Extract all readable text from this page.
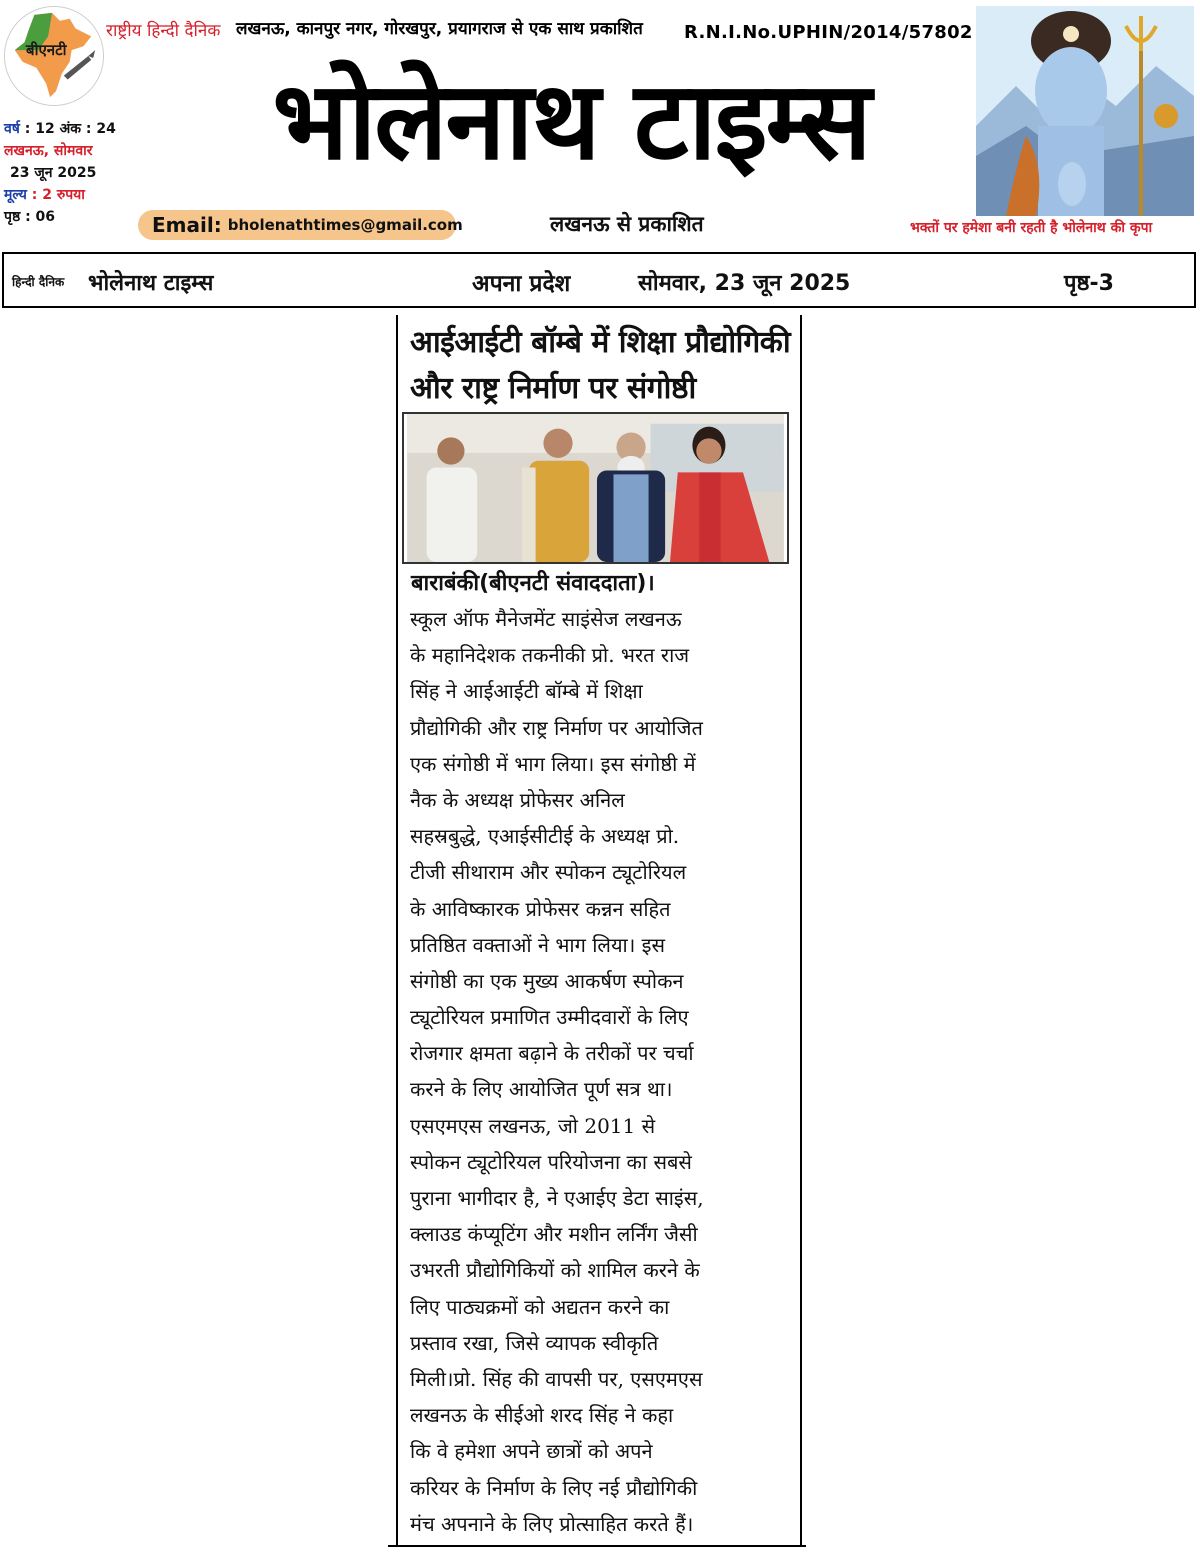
बीएनटी
राष्ट्रीय हिन्दी दैनिक लखनऊ, कानपुर नगर, गोरखपुर, प्रयागराज से एक साथ प्रकाशित R.N.I.No.UPHIN/2014/57802
भोलेनाथ टाइम्स
वर्ष : 12 अंक : 24
लखनऊ, सोमवार
23 जून 2025
मूल्य : 2 रुपया
पृष्ठ : 06	Email: bholenathtimes@gmail.com	लखनऊ से प्रकाशित	भक्तों पर हमेशा बनी रहती है भोलेनाथ की कृपा
हिन्दी दैनिक भोलेनाथ टाइम्स	अपना प्रदेश	सोमवार, 23 जून 2025	पृष्ठ-3
आईआईटी बॉम्बे में शिक्षा प्रौद्योगिकी
और राष्ट्र निर्माण पर संगोष्ठी
बाराबंकी(बीएनटी संवाददाता)।
स्कूल ऑफ मैनेजमेंट साइंसेज लखनऊ
के महानिदेशक तकनीकी प्रो. भरत राज
सिंह ने आईआईटी बॉम्बे में शिक्षा
प्रौद्योगिकी और राष्ट्र निर्माण पर आयोजित
एक संगोष्ठी में भाग लिया। इस संगोष्ठी में
नैक के अध्यक्ष प्रोफेसर अनिल
सहस्रबुद्धे, एआईसीटीई के अध्यक्ष प्रो.
टीजी सीथाराम और स्पोकन ट्यूटोरियल
के आविष्कारक प्रोफेसर कन्नन सहित
प्रतिष्ठित वक्ताओं ने भाग लिया। इस
संगोष्ठी का एक मुख्य आकर्षण स्पोकन
ट्यूटोरियल प्रमाणित उम्मीदवारों के लिए
रोजगार क्षमता बढ़ाने के तरीकों पर चर्चा
करने के लिए आयोजित पूर्ण सत्र था।
एसएमएस लखनऊ, जो 2011 से
स्पोकन ट्यूटोरियल परियोजना का सबसे
पुराना भागीदार है, ने एआईए डेटा साइंस,
क्लाउड कंप्यूटिंग और मशीन लर्निंग जैसी
उभरती प्रौद्योगिकियों को शामिल करने के
लिए पाठ्यक्रमों को अद्यतन करने का
प्रस्ताव रखा, जिसे व्यापक स्वीकृति
मिली।प्रो. सिंह की वापसी पर, एसएमएस
लखनऊ के सीईओ शरद सिंह ने कहा
कि वे हमेशा अपने छात्रों को अपने
करियर के निर्माण के लिए नई प्रौद्योगिकी
मंच अपनाने के लिए प्रोत्साहित करते हैं।
